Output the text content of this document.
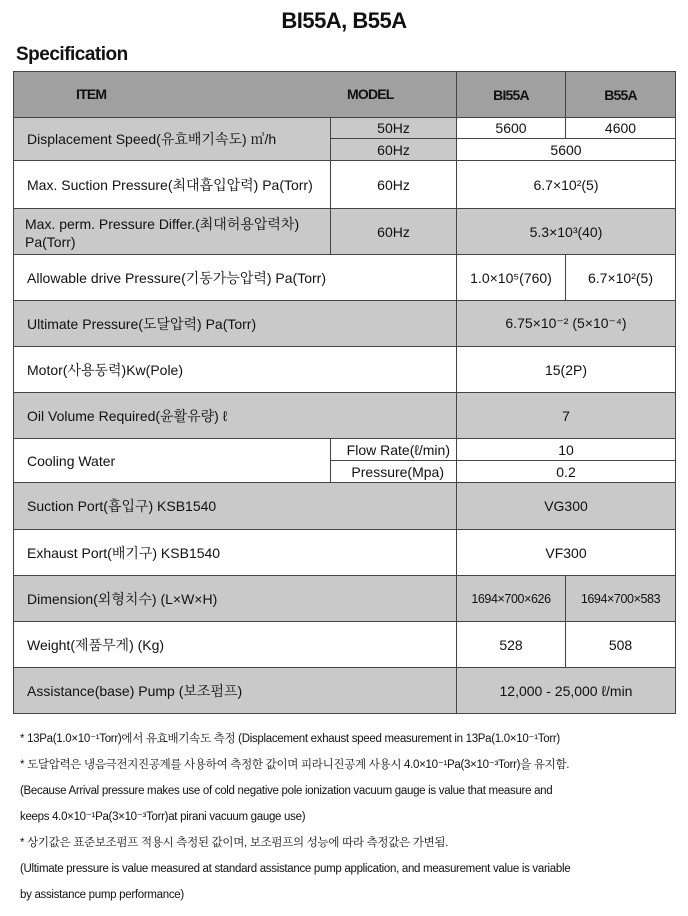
BI55A, B55A
Specification
ITEM MODEL		BI55A	B55A
Displacement Speed(유효배기속도) ㎥/h	50Hz	5600	4600
	60Hz	5600	
Max. Suction Pressure(최대흡입압력) Pa(Torr)	60Hz	6.7×10²(5)	
Max. perm. Pressure Differ.(최대허용압력차) Pa(Torr)	60Hz	5.3×10³(40)	
Allowable drive Pressure(기동가능압력) Pa(Torr)		1.0×10⁵(760)	6.7×10²(5)
Ultimate Pressure(도달압력) Pa(Torr)		6.75×10⁻² (5×10⁻⁴)	
Motor(사용동력)Kw(Pole)		15(2P)	
Oil Volume Required(윤활유량) ℓ		7	
Cooling Water	Flow Rate(ℓ/min)	10	
	Pressure(Mpa)	0.2	
Suction Port(흡입구) KSB1540		VG300	
Exhaust Port(배기구) KSB1540		VF300	
Dimension(외형치수) (L×W×H)		1694×700×626	1694×700×583
Weight(제품무게) (Kg)		528	508
Assistance(base) Pump (보조펌프)		12,000 - 25,000 ℓ/min	
* 13Pa(1.0×10⁻¹Torr)에서 유효배기속도 측정 (Displacement exhaust speed measurement in 13Pa(1.0×10⁻¹Torr)
* 도달압력은 냉음극전지진공계를 사용하여 측정한 값이며 피라니진공계 사용시 4.0×10⁻¹Pa(3×10⁻³Torr)을 유지함.
(Because Arrival pressure makes use of cold negative pole ionization vacuum gauge is value that measure and
keeps 4.0×10⁻¹Pa(3×10⁻³Torr)at pirani vacuum gauge use)
* 상기값은 표준보조펌프 적용시 측정된 값이며, 보조펌프의 성능에 따라 측정값은 가변됨.
(Ultimate pressure is value measured at standard assistance pump application, and measurement value is variable
by assistance pump performance)
